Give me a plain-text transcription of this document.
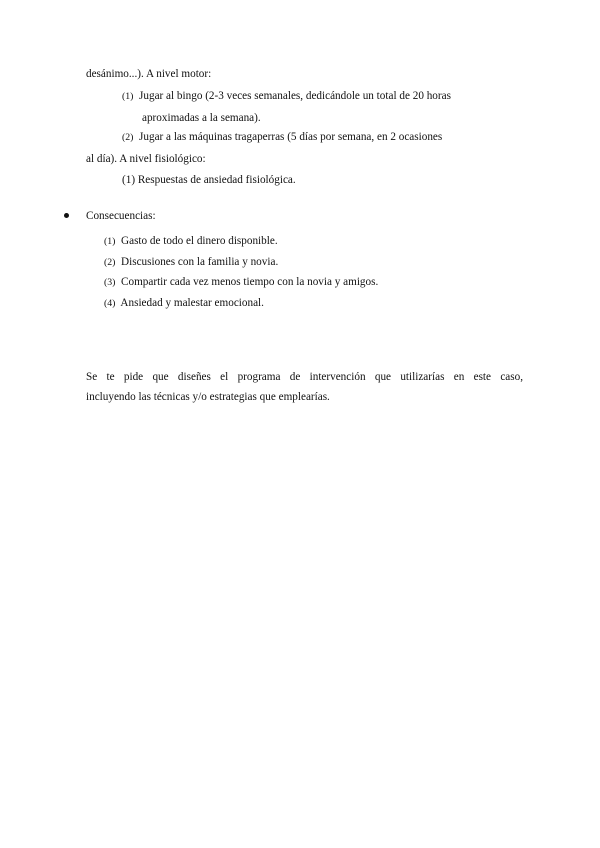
desánimo...). A nivel motor:
(1) Jugar al bingo (2-3 veces semanales, dedicándole un total de 20 horas
aproximadas a la semana).
(2) Jugar a las máquinas tragaperras (5 días por semana, en 2 ocasiones
al día). A nivel fisiológico:
(1) Respuestas de ansiedad fisiológica.
Consecuencias:
(1) Gasto de todo el dinero disponible.
(2) Discusiones con la familia y novia.
(3) Compartir cada vez menos tiempo con la novia y amigos.
(4) Ansiedad y malestar emocional.
Se te pide que diseñes el programa de intervención que utilizarías en este caso,
incluyendo las técnicas y/o estrategias que emplearías.
